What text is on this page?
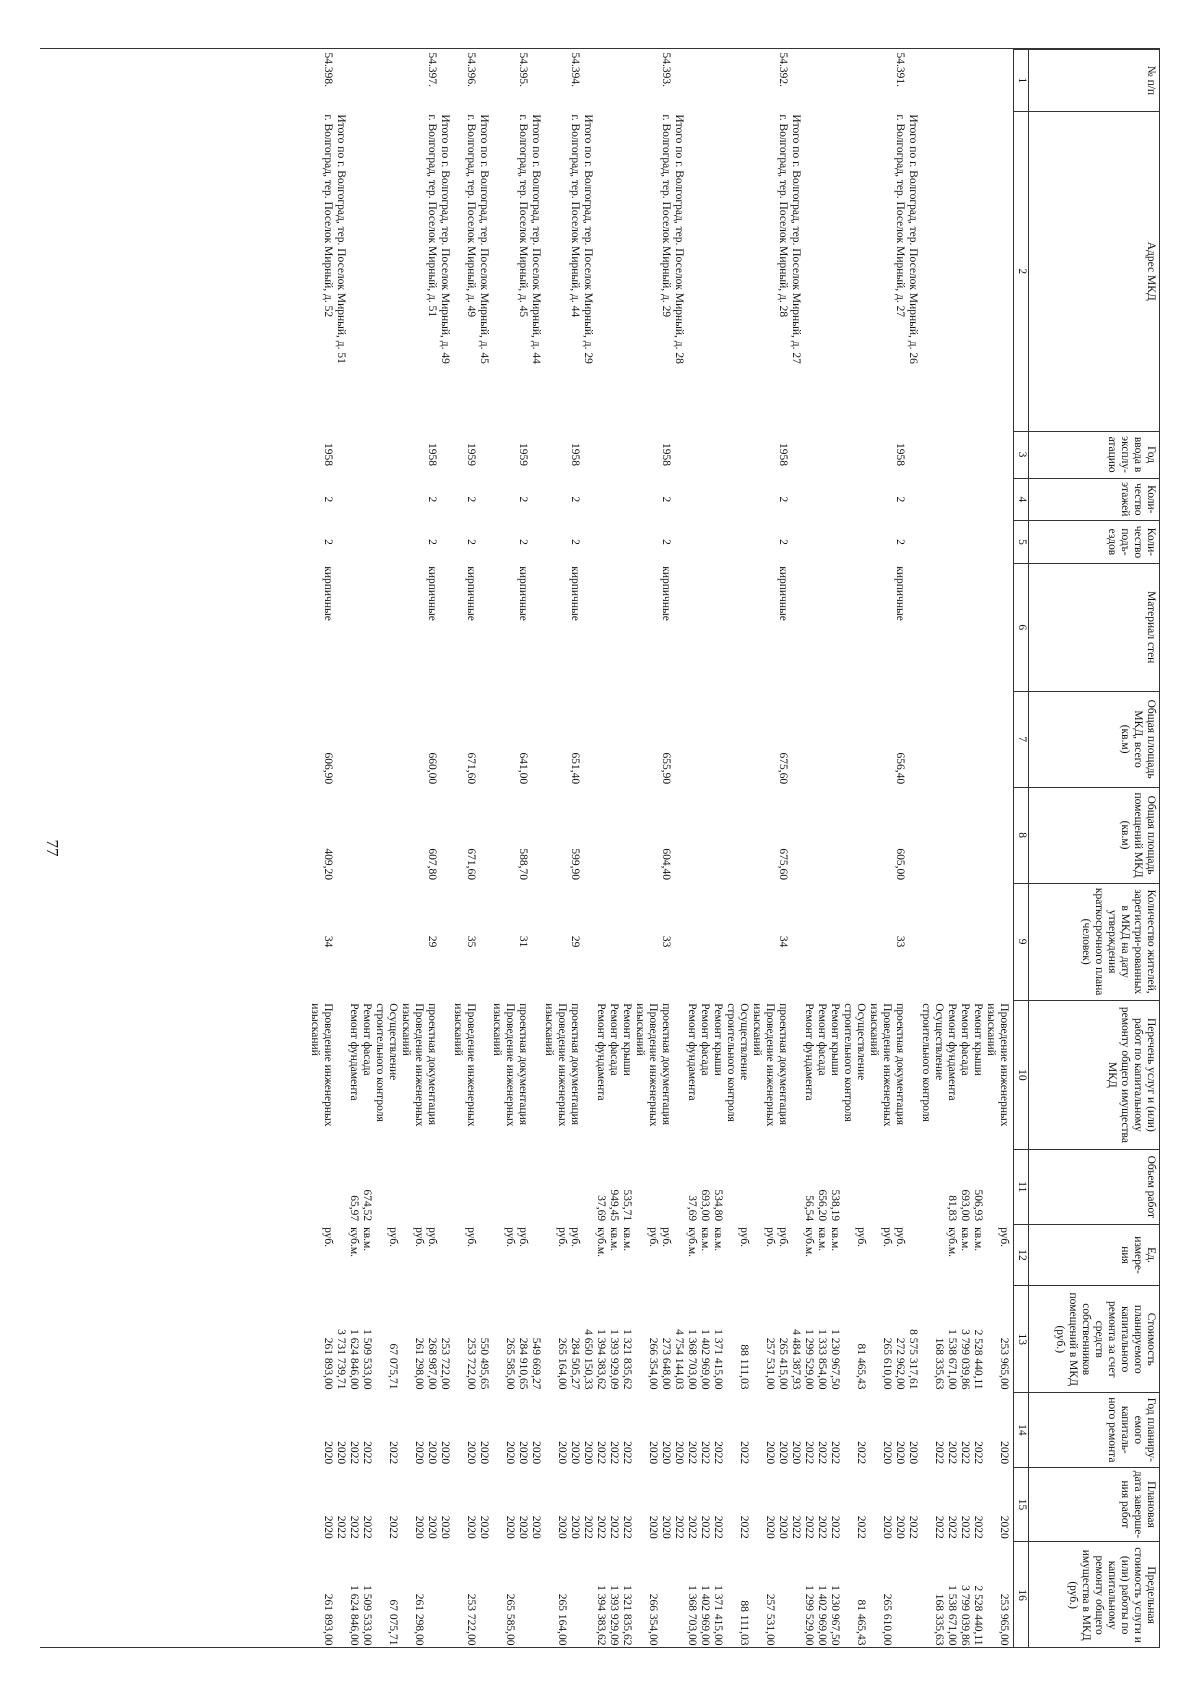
77
№ п/п	Адрес МКД	Год ввода в эксплу-атацию	Коли-чество этажей	Коли-чество подъ-ездов	Материал стен	Общая площадь МКД, всего (кв.м)	Общая площадь помещений МКД (кв.м)	Количество жителей, зарегистри-рованных в МКД на дату утверждения краткосрочного плана (человек)	Перечень услуг и (или) работ по капитальному ремонту общего имущества МКД	Объем работ	Ед. измере-ния	Стоимость планируемого капитального ремонта за счет средств собственников помещений в МКД (руб.)	Год планиру-емого капиталь-ного ремонта	Плановая дата заверше-ния работ	Предельная стоимость услуги и (или) работы по капитальному ремонту общего имущества в МКД (руб.)
1	2	3	4	5	6	7	8	9	10	11	12	13	14	15	16
									Проведение инженерных изысканий		руб.	253 965,00	2020	2020	253 965,00
									Ремонт крыши	506,93	кв.м.	2 528 440,11	2022	2022	2 528 440,11
									Ремонт фасада	693,00	кв.м.	3 799 039,86	2022	2022	3 799 039,86
									Ремонт фундамента	81,83	куб.м.	1 538 671,00	2022	2022	1 538 671,00
									Осуществление строительного контроля			168 335,63	2022	2022	168 335,63
	Итого по г. Волгоград, тер. Поселок Мирный, д. 26											8 575 317,61	2020	2022	
54.391.	г. Волгоград, тер. Поселок Мирный, д. 27	1958	2	2	кирпичные	656,40	605,00	33	проектная документация		руб.	272 962,00	2020	2020	
									Проведение инженерных изысканий		руб.	265 610,00	2020	2020	265 610,00
									Осуществление строительного контроля		руб.	81 465,43	2022	2022	81 465,43
									Ремонт крыши	538,19	кв.м.	1 230 967,50	2022	2022	1 230 967,50
									Ремонт фасада	656,20	кв.м.	1 333 854,00	2022	2022	1 402 969,00
									Ремонт фундамента	56,54	куб.м.	1 299 529,00	2022	2022	1 299 529,00
	Итого по г. Волгоград, тер. Поселок Мирный, д. 27											4 484 387,93	2020	2022	
54.392.	г. Волгоград, тер. Поселок Мирный, д. 28	1958	2	2	кирпичные	675,60	675,60	34	проектная документация		руб.	265 415,00	2020	2020	
									Проведение инженерных изысканий		руб.	257 531,00	2020	2020	257 531,00
									Осуществление строительного контроля		руб.	88 111,03	2022	2022	88 111,03
									Ремонт крыши	534,80	кв.м.	1 371 415,00	2022	2022	1 371 415,00
									Ремонт фасада	693,00	кв.м.	1 402 969,00	2022	2022	1 402 969,00
									Ремонт фундамента	37,69	куб.м.	1 368 703,00	2022	2022	1 368 703,00
	Итого по г. Волгоград, тер. Поселок Мирный, д. 28											4 754 144,03	2020	2022	
54.393.	г. Волгоград, тер. Поселок Мирный, д. 29	1958	2	2	кирпичные	655,90	604,40	33	проектная документация		руб.	273 648,00	2020	2020	
									Проведение инженерных изысканий		руб.	266 354,00	2020	2020	266 354,00
									Ремонт крыши	535,71	кв.м.	1 321 835,62	2022	2022	1 321 835,62
									Ремонт фасада	949,45	кв.м.	1 393 929,09	2022	2022	1 393 929,09
									Ремонт фундамента	37,69	куб.м.	1 394 383,62	2022	2022	1 394 383,62
	Итого по г. Волгоград, тер. Поселок Мирный, д. 29											4 650 150,33	2020	2022	
54.394.	г. Волгоград, тер. Поселок Мирный, д. 44	1958	2	2	кирпичные	651,40	599,90	29	проектная документация		руб.	284 505,27	2020	2020	
									Проведение инженерных изысканий		руб.	265 164,00	2020	2020	265 164,00
	Итого по г. Волгоград, тер. Поселок Мирный, д. 44											549 669,27	2020	2020	
54.395.	г. Волгоград, тер. Поселок Мирный, д. 45	1959	2	2	кирпичные	641,00	588,70	31	проектная документация		руб.	284 910,65	2020	2020	
									Проведение инженерных изысканий		руб.	265 585,00	2020	2020	265 585,00
	Итого по г. Волгоград, тер. Поселок Мирный, д. 45											550 495,65	2020	2020	
54.396.	г. Волгоград, тер. Поселок Мирный, д. 49	1959	2	2	кирпичные	671,60	671,60	35	Проведение инженерных изысканий		руб.	253 722,00	2020	2020	253 722,00
	Итого по г. Волгоград, тер. Поселок Мирный, д. 49											253 722,00	2020	2020	
54.397.	г. Волгоград, тер. Поселок Мирный, д. 51	1958	2	2	кирпичные	660,00	607,80	29	проектная документация		руб.	268 987,00	2020	2020	
									Проведение инженерных изысканий		руб.	261 298,00	2020	2020	261 298,00
									Осуществление строительного контроля		руб.	67 075,71	2022	2022	67 075,71
									Ремонт фасада	674,52	кв.м.	1 509 533,00	2022	2022	1 509 533,00
									Ремонт фундамента	65,97	куб.м.	1 624 846,00	2022	2022	1 624 846,00
	Итого по г. Волгоград, тер. Поселок Мирный, д. 51											3 731 739,71	2020	2022	
54.398.	г. Волгоград, тер. Поселок Мирный, д. 52	1958	2	2	кирпичные	606,90	409,20	34	Проведение инженерных изысканий		руб.	261 893,00	2020	2020	261 893,00
